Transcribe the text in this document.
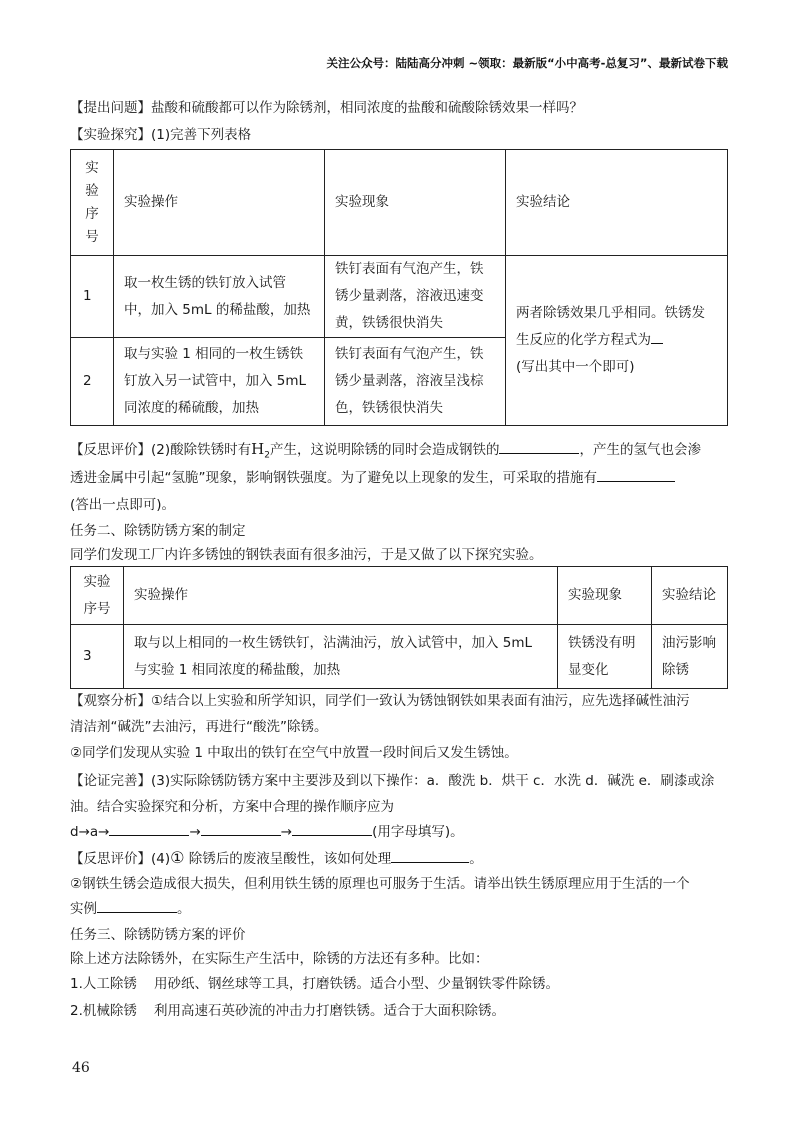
关注公众号：陆陆高分冲刺 ~领取：最新版“小中高考-总复习”、最新试卷下载
【提出问题】盐酸和硫酸都可以作为除锈剂，相同浓度的盐酸和硫酸除锈效果一样吗？
【实验探究】(1)完善下列表格
实
验
序
号	实验操作	实验现象	实验结论
1	取一枚生锈的铁钉放入试管
中，加入 5mL 的稀盐酸，加热	铁钉表面有气泡产生，铁
锈少量剥落，溶液迅速变
黄，铁锈很快消失	两者除锈效果几乎相同。铁锈发
生反应的化学方程式为
(写出其中一个即可)
2	取与实验 1 相同的一枚生锈铁
钉放入另一试管中，加入 5mL
同浓度的稀硫酸，加热	铁钉表面有气泡产生，铁
锈少量剥落，溶液呈浅棕
色，铁锈很快消失	
【反思评价】(2)酸除铁锈时有$H_2$产生，这说明除锈的同时会造成钢铁的	，产生的氢气也会渗
透进金属中引起“氢脆”现象，影响钢铁强度。为了避免以上现象的发生，可采取的措施有
(答出一点即可)。
任务二、除锈防锈方案的制定
同学们发现工厂内许多锈蚀的钢铁表面有很多油污，于是又做了以下探究实验。
实验
序号	实验操作	实验现象	实验结论
3	取与以上相同的一枚生锈铁钉，沾满油污，放入试管中，加入 5mL
与实验 1 相同浓度的稀盐酸，加热	铁锈没有明
显变化	油污影响
除锈
【观察分析】①结合以上实验和所学知识，同学们一致认为锈蚀钢铁如果表面有油污，应先选择碱性油污
清洁剂“碱洗”去油污，再进行“酸洗”除锈。
②同学们发现从实验 1 中取出的铁钉在空气中放置一段时间后又发生锈蚀。
【论证完善】(3)实际除锈防锈方案中主要涉及到以下操作：a．酸洗 b．烘干 c．水洗 d．碱洗 e．刷漆或涂
油。结合实验探究和分析，方案中合理的操作顺序应为
d→a→	→	→	(用字母填写)。
【反思评价】(4)① 除锈后的废液呈酸性，该如何处理	。
②钢铁生锈会造成很大损失，但利用铁生锈的原理也可服务于生活。请举出铁生锈原理应用于生活的一个
实例	。
任务三、除锈防锈方案的评价
除上述方法除锈外，在实际生产生活中，除锈的方法还有多种。比如：
1.人工除锈    用砂纸、钢丝球等工具，打磨铁锈。适合小型、少量钢铁零件除锈。
2.机械除锈    利用高速石英砂流的冲击力打磨铁锈。适合于大面积除锈。
46
